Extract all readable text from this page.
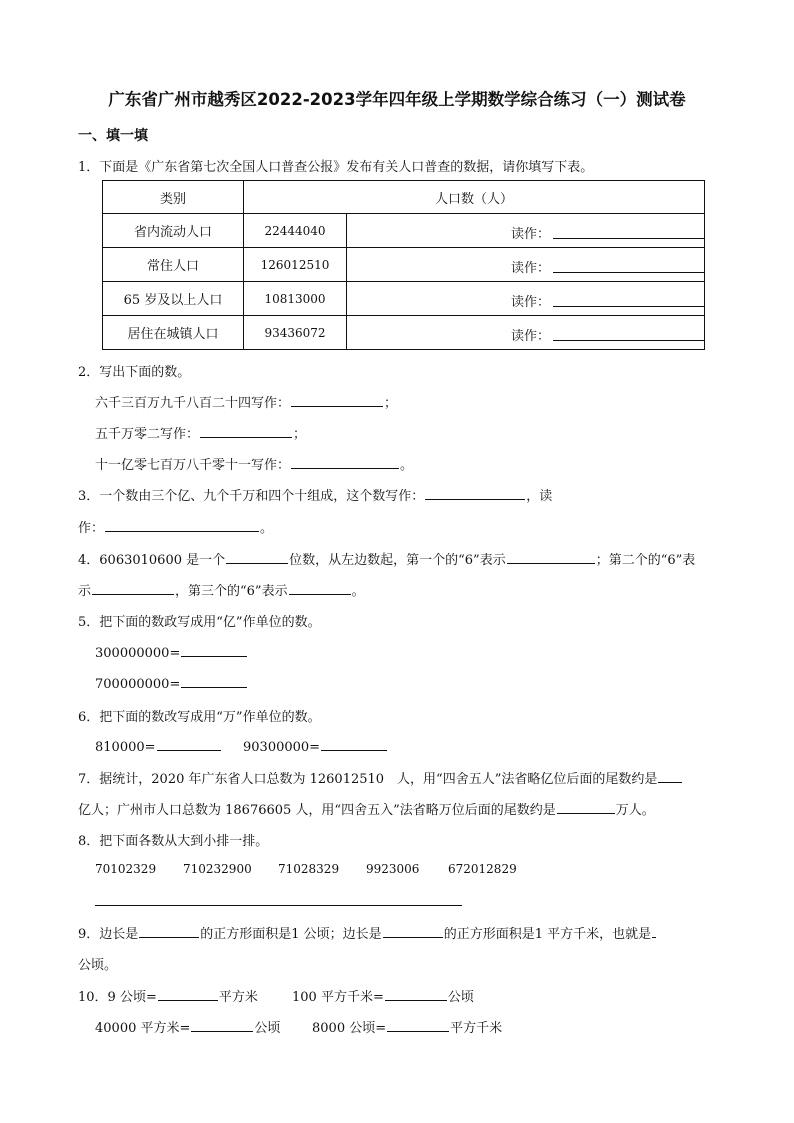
广东省广州市越秀区2022-2023学年四年级上学期数学综合练习（一）测试卷
一、填一填
1．下面是《广东省第七次全国人口普查公报》发布有关人口普查的数据，请你填写下表。
类别	人口数（人）	
省内流动人口	22444040	读作：

常住人口	126012510	读作：

65 岁及以上人口	10813000	读作：

居住在城镇人口	93436072	读作：
2．写出下面的数。
六千三百万九千八百二十四写作：	；
五千万零二写作：	；
十一亿零七百万八千零十一写作：	。
3．一个数由三个亿、九个千万和四个十组成，这个数写作：	，读
作：	。
4．6063010600 是一个	位数，从左边数起，第一个的“6”表示	；第二个的“6”表
示	，第三个的“6”表示	。
5．把下面的数政写成用“亿”作单位的数。
300000000=
700000000=
6．把下面的数改写成用“万”作单位的数。
810000=	90300000=
7．据统计，2020 年广东省人口总数为 126012510　人，用“四舍五人”法省略亿位后面的尾数约是
亿人；广州市人口总数为 18676605 人，用“四舍五入”法省略万位后面的尾数约是	万人。
8．把下面各数从大到小排一排。
70102329 710232900 71028329 9923006 672012829
9．边长是	的正方形面积是1 公顷；边长是	的正方形面积是1 平方千米，也就是
公顷。
10．9 公顷=	平方米	100 平方千米=	公顷
40000 平方米=	公顷 8000 公顷=	平方千米
